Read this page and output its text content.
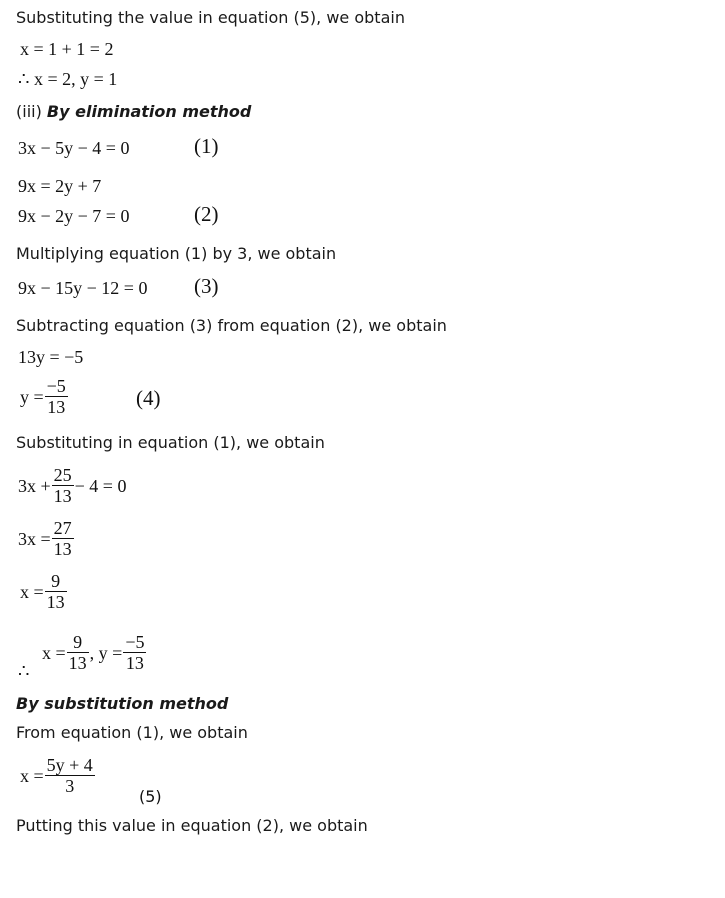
Substituting the value in equation (5), we obtain
x = 1 + 1 = 2
∴ x = 2, y = 1
(iii) By elimination method
3x − 5y − 4 = 0	(1)
9x = 2y + 7
9x − 2y − 7 = 0	(2)
Multiplying equation (1) by 3, we obtain
9x − 15y − 12 = 0 (3)
Subtracting equation (3) from equation (2), we obtain
13y = −5
$y = \frac{-5}{13}$	(4)
Substituting in equation (1), we obtain
$3x + \frac{25}{13} - 4 = 0$
$3x = \frac{27}{13}$
$x = \frac{9}{13}$
∴
$x = \frac{9}{13}$ , $y = \frac{-5}{13}$
By substitution method
From equation (1), we obtain
$x = \frac{5y + 4}{3}$
(5)
Putting this value in equation (2), we obtain
